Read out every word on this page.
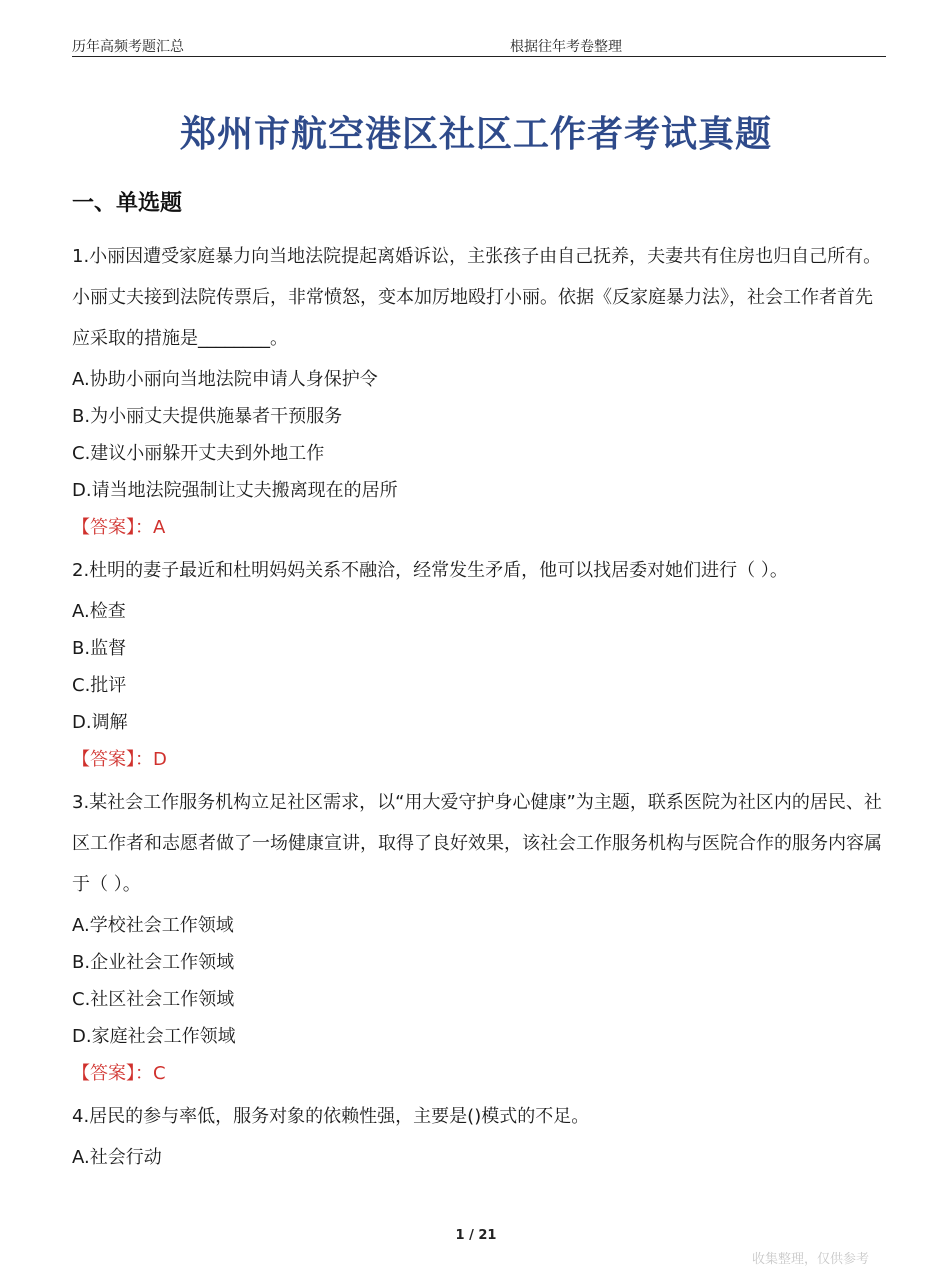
历年高频考题汇总	根据往年考卷整理
郑州市航空港区社区工作者考试真题
一、单选题
1.小丽因遭受家庭暴力向当地法院提起离婚诉讼，主张孩子由自己抚养，夫妻共有住房也归自己所有。小丽丈夫接到法院传票后，非常愤怒，变本加厉地殴打小丽。依据《反家庭暴力法》，社会工作者首先应采取的措施是________。
A.协助小丽向当地法院申请人身保护令
B.为小丽丈夫提供施暴者干预服务
C.建议小丽躲开丈夫到外地工作
D.请当地法院强制让丈夫搬离现在的居所
【答案】：A
2.杜明的妻子最近和杜明妈妈关系不融洽，经常发生矛盾，他可以找居委对她们进行（ ）。
A.检查
B.监督
C.批评
D.调解
【答案】：D
3.某社会工作服务机构立足社区需求，以“用大爱守护身心健康”为主题，联系医院为社区内的居民、社区工作者和志愿者做了一场健康宣讲，取得了良好效果，该社会工作服务机构与医院合作的服务内容属于（ ）。
A.学校社会工作领域
B.企业社会工作领域
C.社区社会工作领域
D.家庭社会工作领域
【答案】：C
4.居民的参与率低，服务对象的依赖性强，主要是()模式的不足。
A.社会行动
1 / 21
收集整理，仅供参考
